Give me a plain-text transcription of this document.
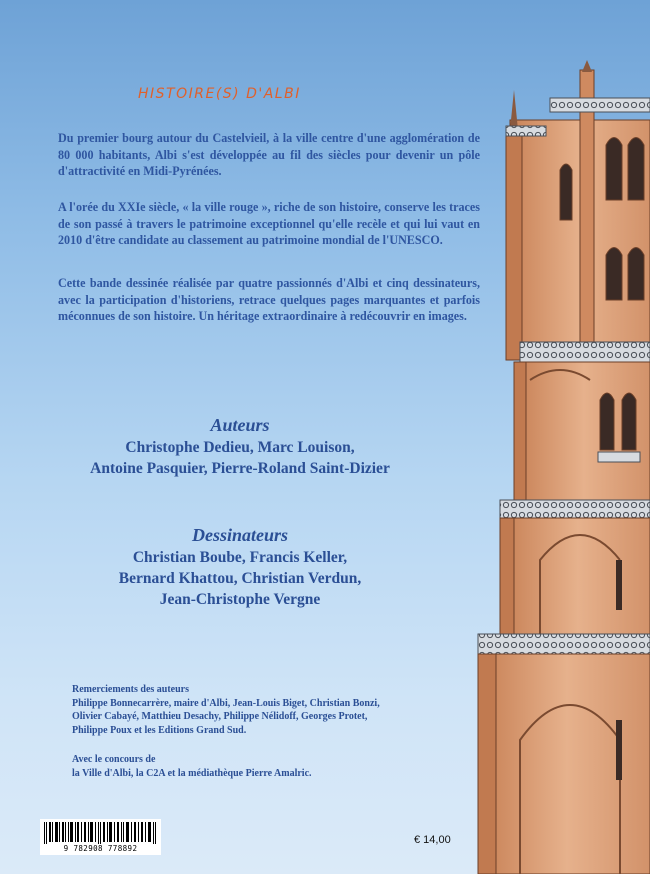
HISTOIRE(S) D'ALBI

Du premier bourg autour du Castelvieil, à la ville centre d'une agglomération de 80 000 habitants, Albi s'est développée au fil des siècles pour devenir un pôle d'attractivité en Midi-Pyrénées.

A l'orée du XXIe siècle, « la ville rouge », riche de son histoire, conserve les traces de son passé à travers le patrimoine exceptionnel qu'elle recèle et qui lui vaut en 2010 d'être candidate au classement au patrimoine mondial de l'UNESCO.

Cette bande dessinée réalisée par quatre passionnés d'Albi et cinq dessinateurs, avec la participation d'historiens, retrace quelques pages marquantes et parfois méconnues de son histoire. Un héritage extraordinaire à redécouvrir en images.

Auteurs
Christophe Dedieu, Marc Louison,
Antoine Pasquier, Pierre-Roland Saint-Dizier
Dessinateurs
Christian Boube, Francis Keller,
Bernard Khattou, Christian Verdun,
Jean-Christophe Vergne
Remerciements des auteurs
Philippe Bonnecarrère, maire d'Albi, Jean-Louis Biget, Christian Bonzi,
Olivier Cabayé, Matthieu Desachy, Philippe Nélidoff, Georges Protet,
Philippe Poux et les Editions Grand Sud.
Avec le concours de
la Ville d'Albi, la C2A et la médiathèque Pierre Amalric.
9 782908 778892
€ 14,00
